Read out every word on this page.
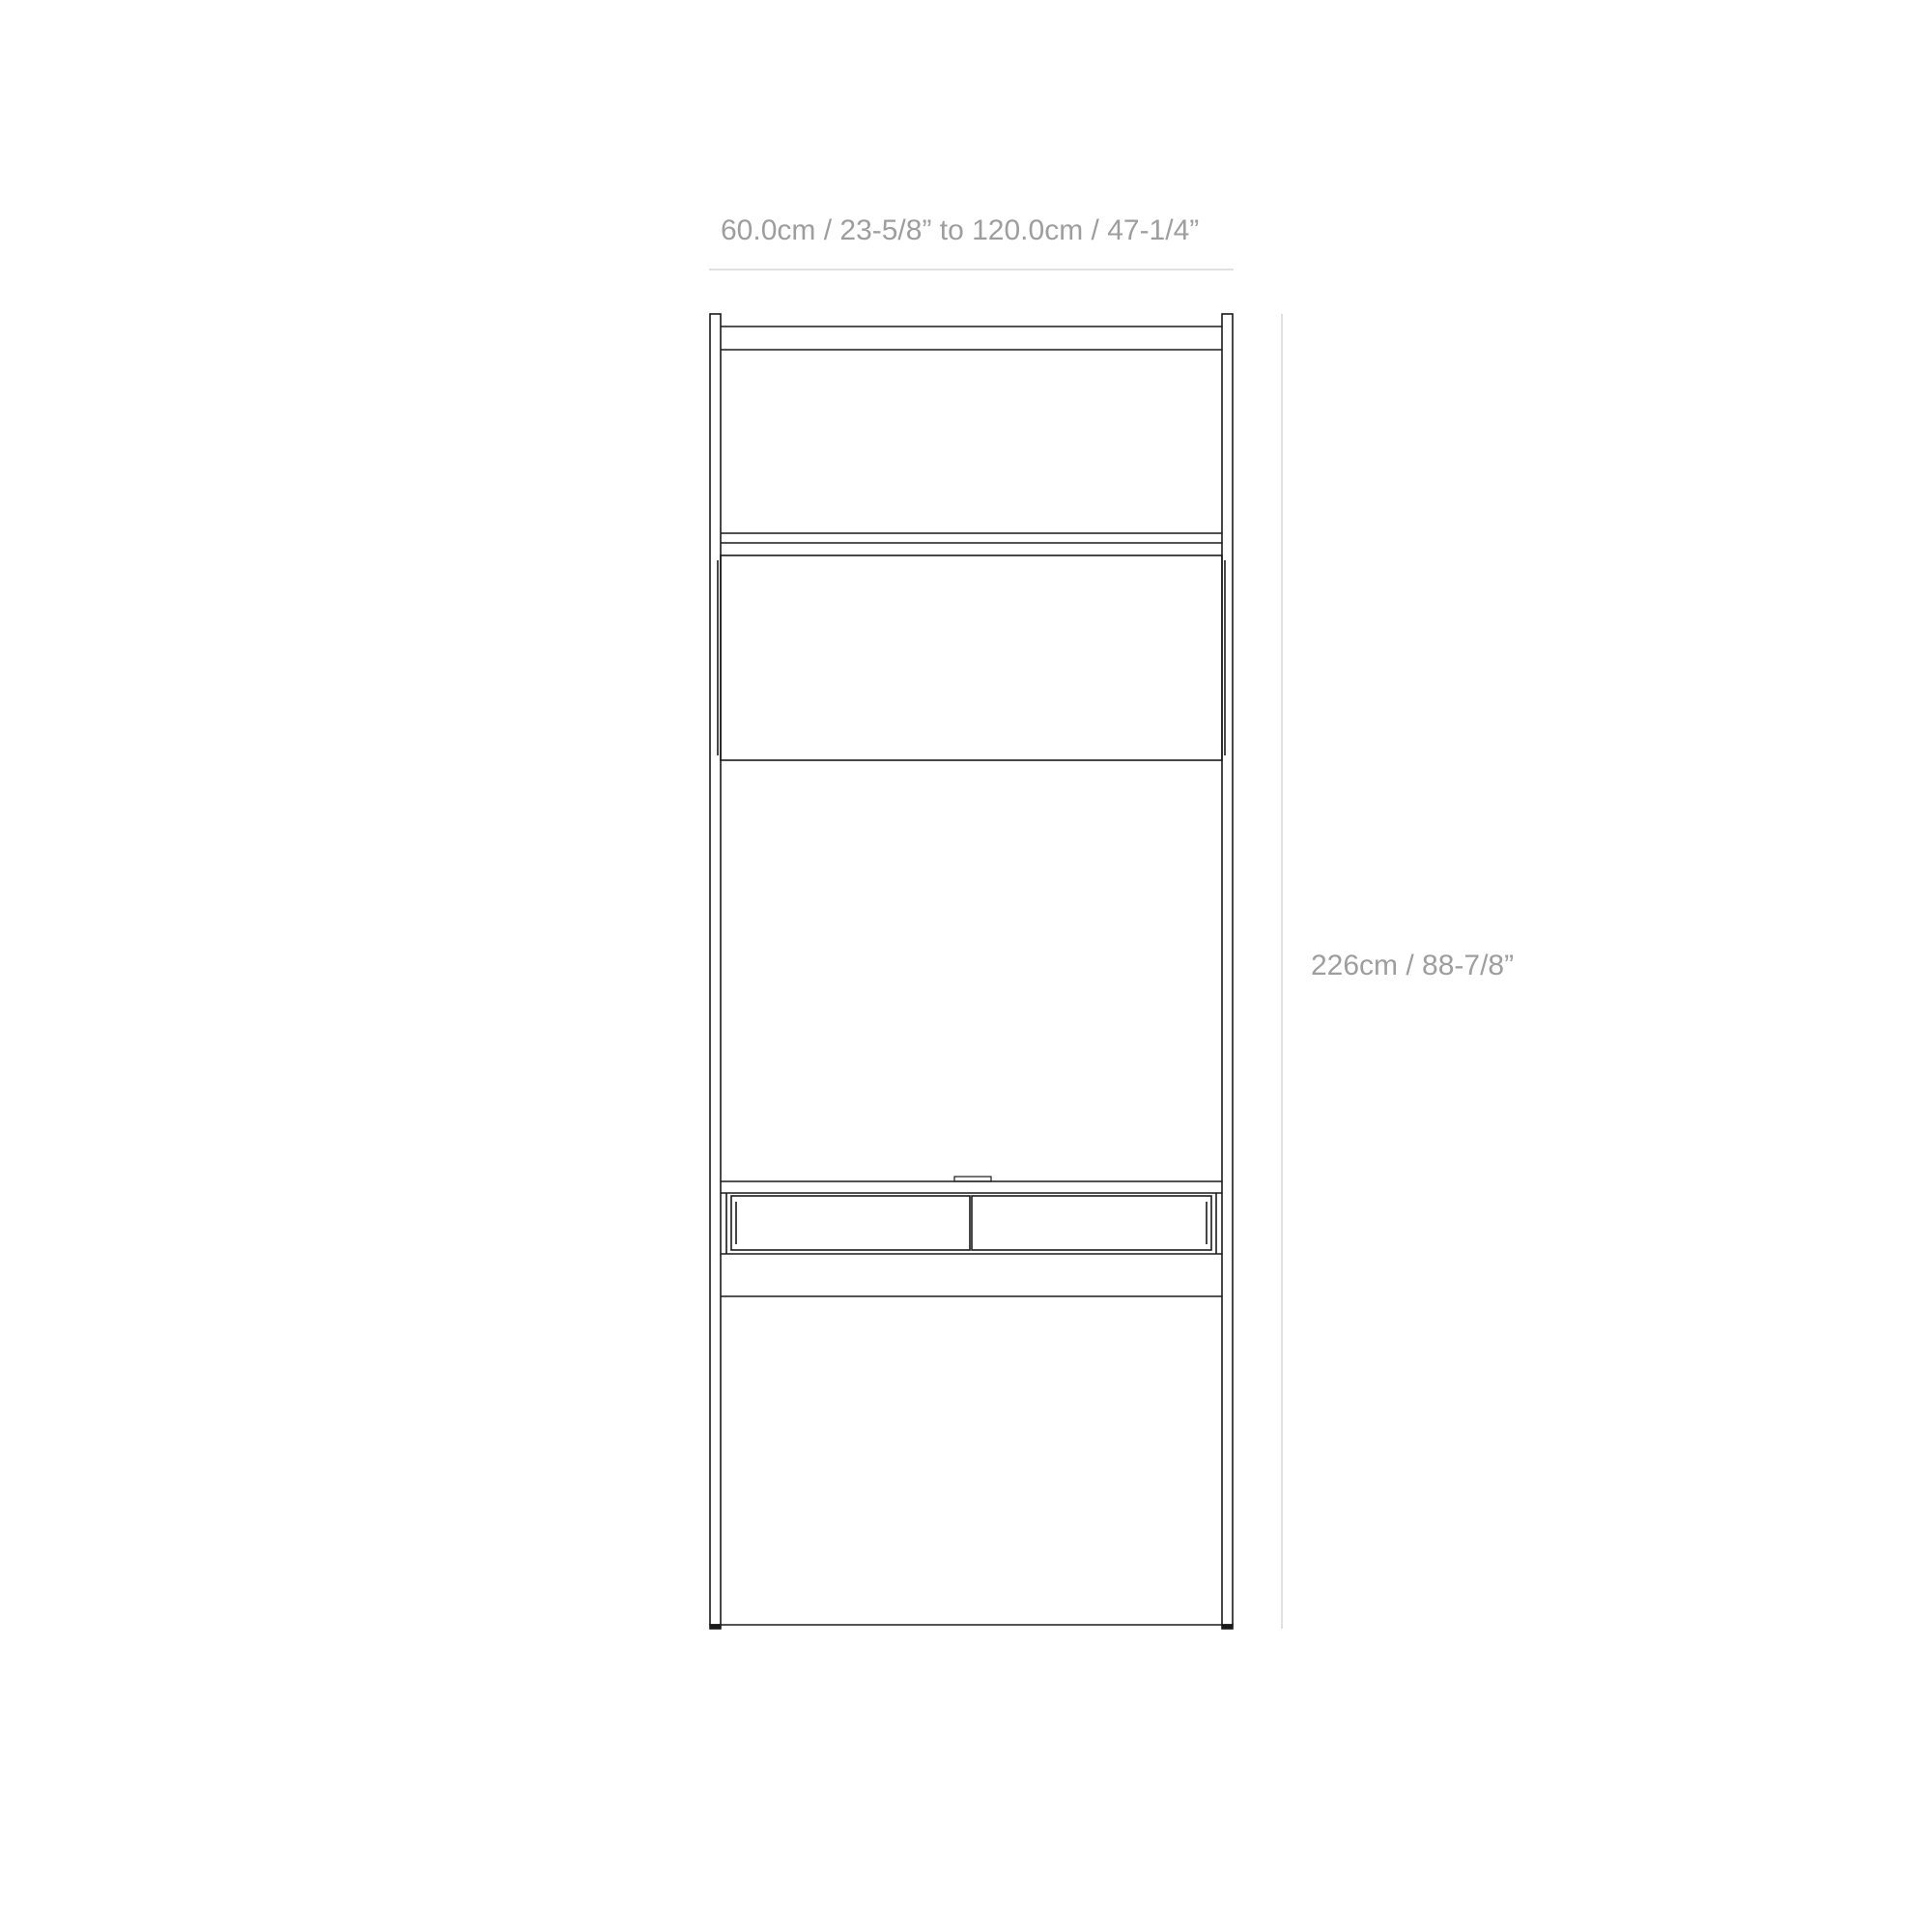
60.0cm / 23-5/8” to 120.0cm / 47-1/4”
226cm / 88-7/8”
